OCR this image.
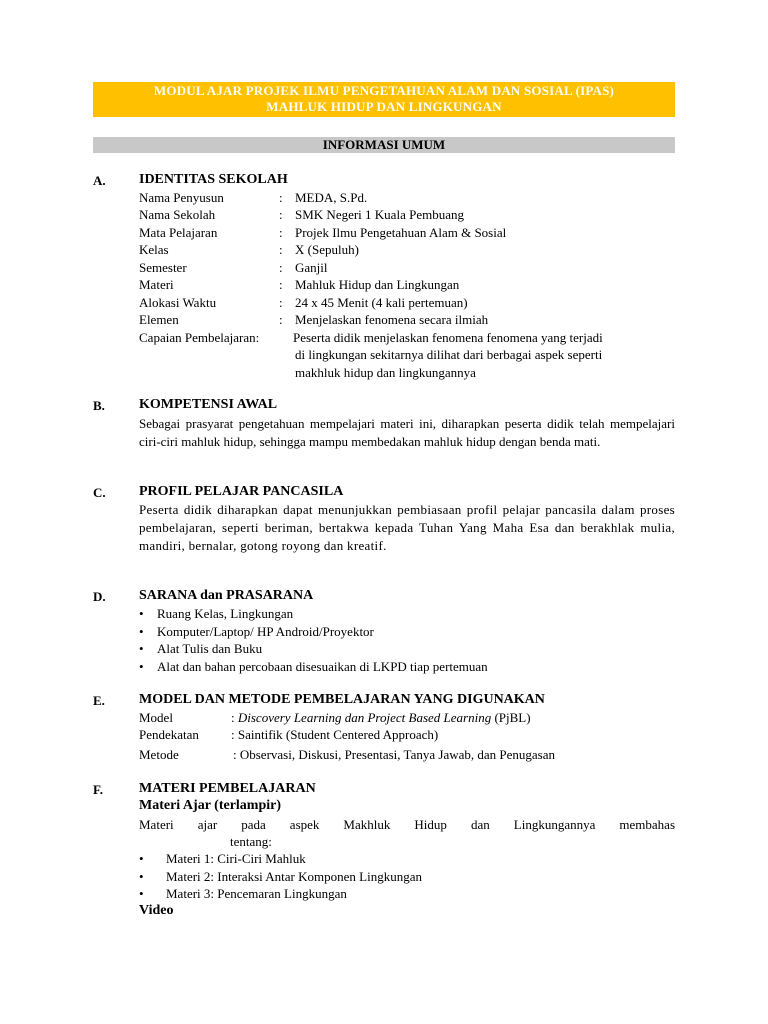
MODUL AJAR PROJEK ILMU PENGETAHUAN ALAM DAN SOSIAL (IPAS)
MAHLUK HIDUP DAN LINGKUNGAN
INFORMASI UMUM
A. IDENTITAS SEKOLAH
Nama Penyusun	: MEDA, S.Pd.
Nama Sekolah	: SMK Negeri 1 Kuala Pembuang
Mata Pelajaran	: Projek Ilmu Pengetahuan Alam & Sosial
Kelas	: X (Sepuluh)
Semester	: Ganjil
Materi	: Mahluk Hidup dan Lingkungan
Alokasi Waktu	: 24 x 45 Menit (4 kali pertemuan)
Elemen	: Menjelaskan fenomena secara ilmiah
Capaian Pembelajaran:	Peserta didik menjelaskan fenomena fenomena yang terjadi
di lingkungan sekitarnya dilihat dari berbagai aspek seperti
makhluk hidup dan lingkungannya
B. KOMPETENSI AWAL
Sebagai prasyarat pengetahuan mempelajari materi ini, diharapkan peserta didik telah mempelajari ciri-ciri mahluk hidup, sehingga mampu membedakan mahluk hidup dengan benda mati.
C. PROFIL PELAJAR PANCASILA
Peserta didik diharapkan dapat menunjukkan pembiasaan profil pelajar pancasila dalam proses pembelajaran, seperti beriman, bertakwa kepada Tuhan Yang Maha Esa dan berakhlak mulia, mandiri, bernalar, gotong royong dan kreatif.
D. SARANA dan PRASARANA
• Ruang Kelas, Lingkungan
• Komputer/Laptop/ HP Android/Proyektor
• Alat Tulis dan Buku
• Alat dan bahan percobaan disesuaikan di LKPD tiap pertemuan
E. MODEL DAN METODE PEMBELAJARAN YANG DIGUNAKAN
Model	: Discovery Learning dan Project Based Learning (PjBL)
Pendekatan : Saintifik (Student Centered Approach)
Metode	: Observasi, Diskusi, Presentasi, Tanya Jawab, dan Penugasan
F.	MATERI PEMBELAJARAN
Materi Ajar (terlampir)
Materi ajar pada aspek Makhluk Hidup dan Lingkungannya membahas
tentang:
• Materi 1: Ciri-Ciri Mahluk
• Materi 2: Interaksi Antar Komponen Lingkungan
• Materi 3: Pencemaran Lingkungan
Video
